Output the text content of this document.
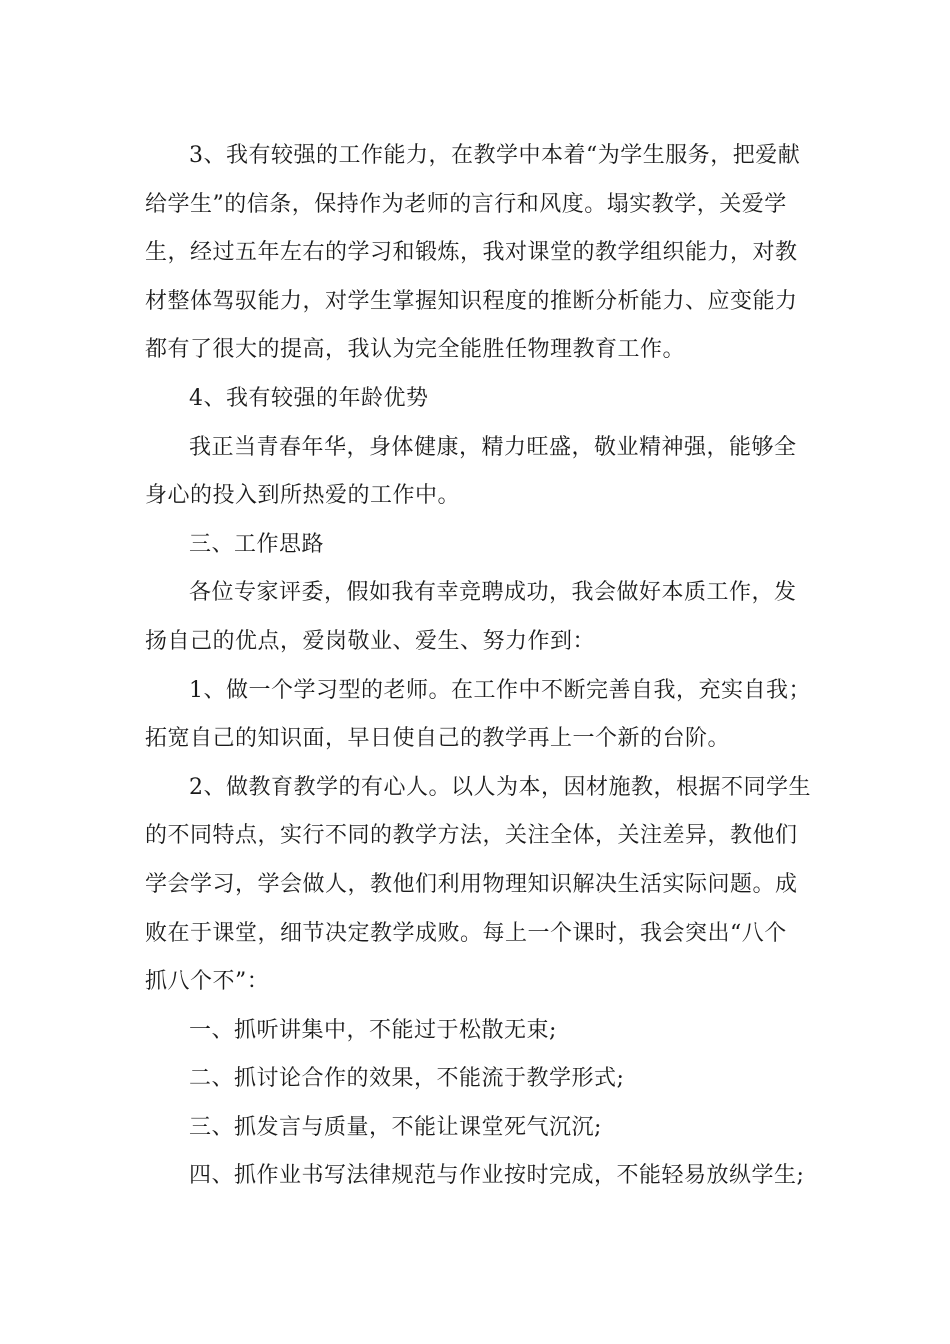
3、我有较强的工作能力，在教学中本着“为学生服务，把爱献
给学生”的信条，保持作为老师的言行和风度。塌实教学，关爱学
生，经过五年左右的学习和锻炼，我对课堂的教学组织能力，对教
材整体驾驭能力，对学生掌握知识程度的推断分析能力、应变能力
都有了很大的提高，我认为完全能胜任物理教育工作。

4、我有较强的年龄优势

我正当青春年华，身体健康，精力旺盛，敬业精神强，能够全
身心的投入到所热爱的工作中。

三、工作思路

各位专家评委，假如我有幸竞聘成功，我会做好本质工作，发
扬自己的优点，爱岗敬业、爱生、努力作到：

1、做一个学习型的老师。在工作中不断完善自我，充实自我；
拓宽自己的知识面，早日使自己的教学再上一个新的台阶。

2、做教育教学的有心人。以人为本，因材施教，根据不同学生
的不同特点，实行不同的教学方法，关注全体，关注差异，教他们
学会学习，学会做人，教他们利用物理知识解决生活实际问题。成
败在于课堂，细节决定教学成败。每上一个课时，我会突出“八个
抓八个不”：

一、抓听讲集中，不能过于松散无束;

二、抓讨论合作的效果，不能流于教学形式;

三、抓发言与质量，不能让课堂死气沉沉;

四、抓作业书写法律规范与作业按时完成，不能轻易放纵学生;
